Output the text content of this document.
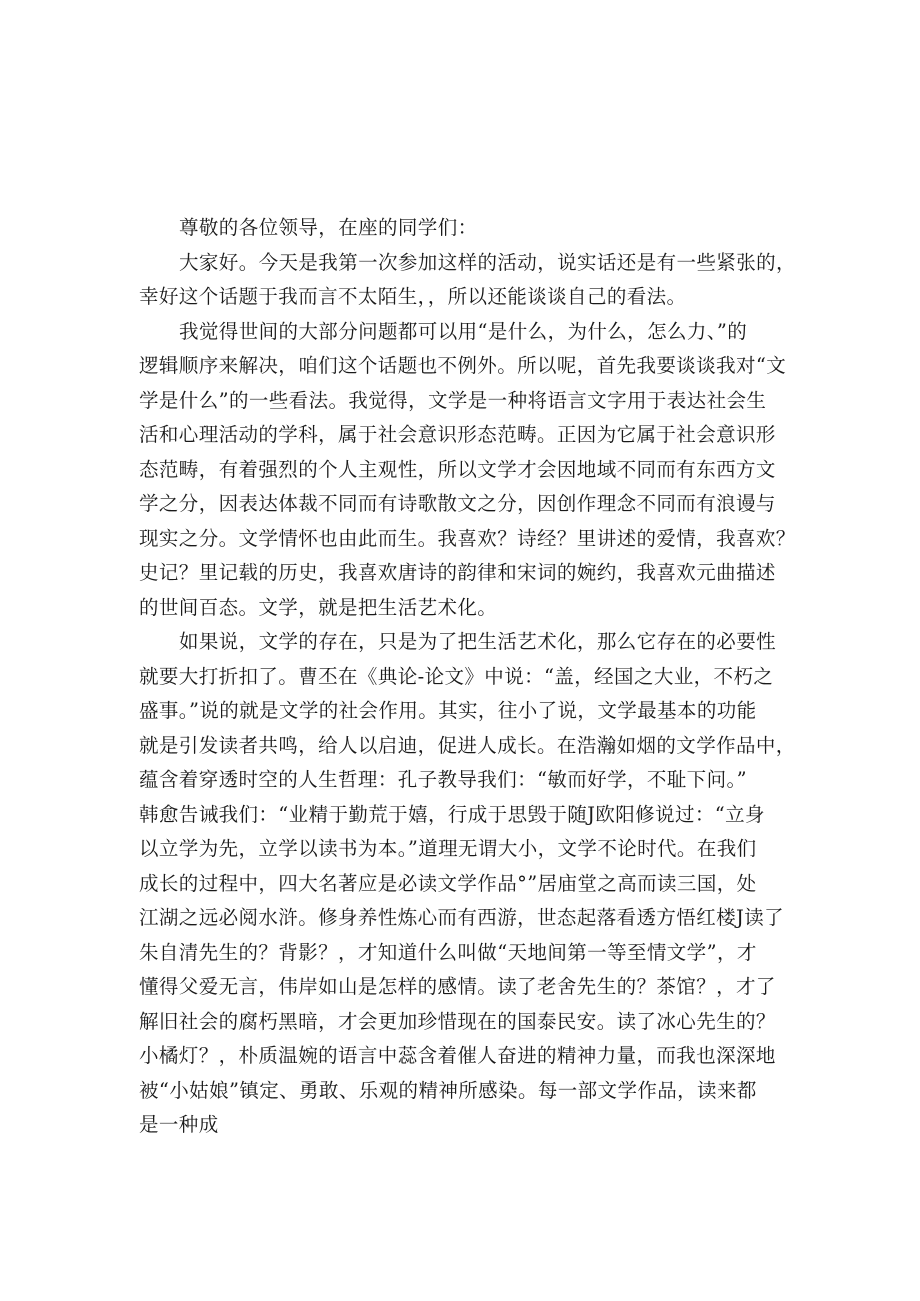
尊敬的各位领导，在座的同学们：
大家好。今天是我第一次参加这样的活动，说实话还是有一些紧张的，
幸好这个话题于我而言不太陌生，，所以还能谈谈自己的看法。
我觉得世间的大部分问题都可以用“是什么，为什么，怎么力、”的
逻辑顺序来解决，咱们这个话题也不例外。所以呢，首先我要谈谈我对“文
学是什么”的一些看法。我觉得，文学是一种将语言文字用于表达社会生
活和心理活动的学科，属于社会意识形态范畴。正因为它属于社会意识形
态范畴，有着强烈的个人主观性，所以文学才会因地域不同而有东西方文
学之分，因表达体裁不同而有诗歌散文之分，因创作理念不同而有浪谩与
现实之分。文学情怀也由此而生。我喜欢？诗经？里讲述的爱情，我喜欢？
史记？里记载的历史，我喜欢唐诗的韵律和宋词的婉约，我喜欢元曲描述
的世间百态。文学，就是把生活艺术化。
如果说，文学的存在，只是为了把生活艺术化，那么它存在的必要性
就要大打折扣了。曹丕在《典论-论文》中说：“盖，经国之大业，不朽之
盛事。”说的就是文学的社会作用。其实，往小了说，文学最基本的功能
就是引发读者共鸣，给人以启迪，促进人成长。在浩瀚如烟的文学作品中，
蕴含着穿透时空的人生哲理：孔子教导我们：“敏而好学，不耻下问。”
韩愈告诫我们：“业精于勤荒于嬉，行成于思毁于随J欧阳修说过：“立身
以立学为先，立学以读书为本。”道理无谓大小，文学不论时代。在我们
成长的过程中，四大名著应是必读文学作品°”居庙堂之高而读三国，处
江湖之远必阅水浒。修身养性炼心而有西游，世态起落看透方悟红楼J读了
朱自清先生的？背影？，才知道什么叫做“天地间第一等至情文学”，才
懂得父爱无言，伟岸如山是怎样的感情。读了老舍先生的？茶馆？，才了
解旧社会的腐朽黑暗，才会更加珍惜现在的国泰民安。读了冰心先生的？
小橘灯？，朴质温婉的语言中蕊含着催人奋进的精神力量，而我也深深地
被“小姑娘”镇定、勇敢、乐观的精神所感染。每一部文学作品，读来都
是一种成
